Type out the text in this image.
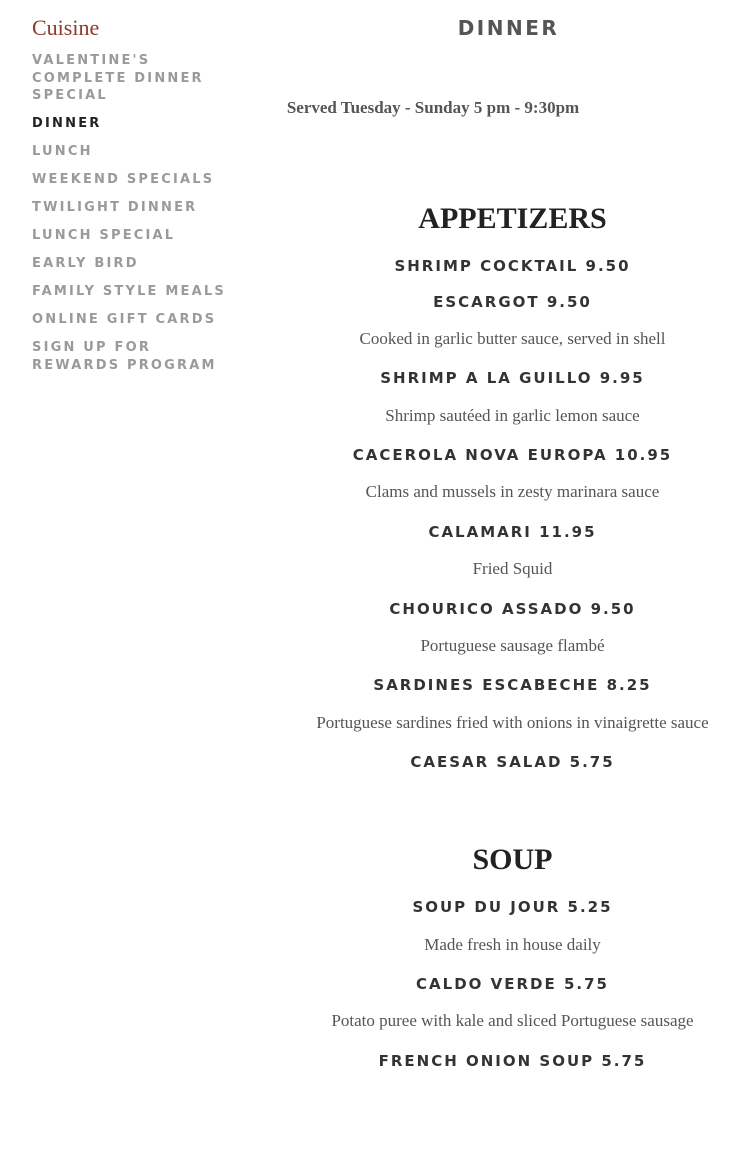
Cuisine
VALENTINE'S COMPLETE DINNER SPECIAL
DINNER
LUNCH
WEEKEND SPECIALS
TWILIGHT DINNER
LUNCH SPECIAL
EARLY BIRD
FAMILY STYLE MEALS
ONLINE GIFT CARDS
SIGN UP FOR REWARDS PROGRAM
DINNER

Served Tuesday - Sunday 5 pm - 9:30pm

APPETIZERS

SHRIMP COCKTAIL 9.50

ESCARGOT 9.50

Cooked in garlic butter sauce, served in shell

SHRIMP A LA GUILLO 9.95

Shrimp sautéed in garlic lemon sauce

CACEROLA NOVA EUROPA 10.95

Clams and mussels in zesty marinara sauce

CALAMARI 11.95

Fried Squid

CHOURICO ASSADO 9.50

Portuguese sausage flambé

SARDINES ESCABECHE 8.25

Portuguese sardines fried with onions in vinaigrette sauce

CAESAR SALAD 5.75

SOUP

SOUP DU JOUR 5.25

Made fresh in house daily

CALDO VERDE 5.75

Potato puree with kale and sliced Portuguese sausage

FRENCH ONION SOUP 5.75
